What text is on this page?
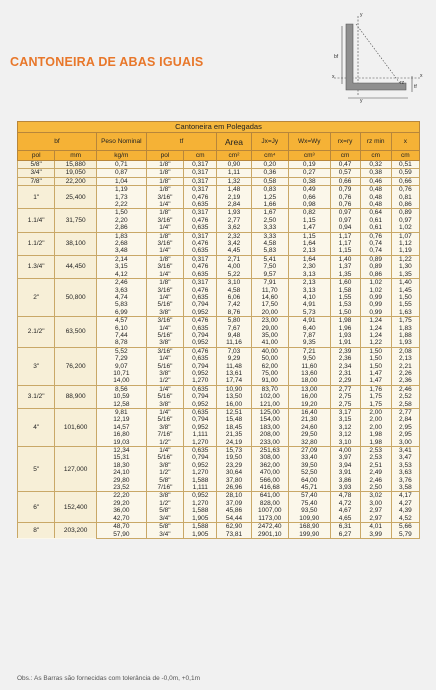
CANTONEIRA DE ABAS IGUAIS
y
x
bf
tf
rz
x
y
Cantoneira em Polegadas										
bf		Peso Nominal	tf		Area	Jx=Jy	Wx=Wy	rx=ry	rz min	x
pol	mm	kg/m	pol	cm	cm²	cm⁴	cm³	cm	cm	cm
5/8"	15,880	0,71	1/8"	0,317	0,90	0,20	0,19	0,47	0,32	0,51
3/4"	19,050	0,87	1/8"	0,317	1,11	0,36	0,27	0,57	0,38	0,59
7/8"	22,200	1,04	1/8"	0,317	1,32	0,58	0,38	0,66	0,46	0,66
1"	25,400	1,19	1/8"	0,317	1,48	0,83	0,49	0,79	0,48	0,76
		1,73	3/16"	0,476	2,19	1,25	0,66	0,76	0,48	0,81
		2,22	1/4"	0,635	2,84	1,66	0,98	0,76	0,48	0,86
1.1/4"	31,750	1,50	1/8"	0,317	1,93	1,67	0,82	0,97	0,64	0,89
		2,20	3/16"	0,476	2,77	2,50	1,15	0,97	0,61	0,97
		2,86	1/4"	0,635	3,62	3,33	1,47	0,94	0,61	1,02
1.1/2"	38,100	1,83	1/8"	0,317	2,32	3,33	1,15	1,17	0,76	1,07
		2,68	3/16"	0,476	3,42	4,58	1,64	1,17	0,74	1,12
		3,48	1/4"	0,635	4,45	5,83	2,13	1,15	0,74	1,19
1.3/4"	44,450	2,14	1/8"	0,317	2,71	5,41	1,64	1,40	0,89	1,22
		3,15	3/16"	0,476	4,00	7,50	2,30	1,37	0,89	1,30
		4,12	1/4"	0,635	5,22	9,57	3,13	1,35	0,86	1,35
2"	50,800	2,46	1/8"	0,317	3,10	7,91	2,13	1,60	1,02	1,40
		3,63	3/16"	0,476	4,58	11,70	3,13	1,58	1,02	1,45
		4,74	1/4"	0,635	6,06	14,60	4,10	1,55	0,99	1,50
		5,83	5/16"	0,794	7,42	17,50	4,91	1,53	0,99	1,55
		6,99	3/8"	0,952	8,76	20,00	5,73	1,50	0,99	1,63
2.1/2"	63,500	4,57	3/16"	0,476	5,80	23,00	4,91	1,98	1,24	1,75
		6,10	1/4"	0,635	7,67	29,00	6,40	1,96	1,24	1,83
		7,44	5/16"	0,794	9,48	35,00	7,87	1,93	1,24	1,88
		8,78	3/8"	0,952	11,16	41,00	9,35	1,91	1,22	1,93
3"	76,200	5,52	3/16"	0,476	7,03	40,00	7,21	2,39	1,50	2,08
		7,29	1/4"	0,635	9,29	50,00	9,50	2,36	1,50	2,13
		9,07	5/16"	0,794	11,48	62,00	11,60	2,34	1,50	2,21
		10,71	3/8"	0,952	13,61	75,00	13,60	2,31	1,47	2,26
		14,00	1/2"	1,270	17,74	91,00	18,00	2,29	1,47	2,36
3.1/2"	88,900	8,56	1/4"	0,635	10,90	83,70	13,00	2,77	1,76	2,46
		10,59	5/16"	0,794	13,50	102,00	16,00	2,75	1,75	2,52
		12,58	3/8"	0,952	16,00	121,00	19,20	2,75	1,75	2,58
4"	101,600	9,81	1/4"	0,635	12,51	125,00	16,40	3,17	2,00	2,77
		12,19	5/16"	0,794	15,48	154,00	21,30	3,15	2,00	2,84
		14,57	3/8"	0,952	18,45	183,00	24,60	3,12	2,00	2,95
		16,80	7/16"	1,111	21,35	208,00	29,50	3,12	1,98	2,95
		19,03	1/2"	1,270	24,19	233,00	32,80	3,10	1,98	3,00
5"	127,000	12,34	1/4"	0,635	15,73	251,63	27,09	4,00	2,53	3,41
		15,31	5/16"	0,794	19,50	308,00	33,40	3,97	2,53	3,47
		18,30	3/8"	0,952	23,29	362,00	39,50	3,94	2,51	3,53
		24,10	1/2"	1,270	30,64	470,00	52,50	3,91	2,49	3,63
		29,80	5/8"	1,588	37,80	566,00	64,00	3,86	2,46	3,76
		23,52	7/16"	1,111	26,96	416,68	45,71	3,93	2,50	3,58
6"	152,400	22,20	3/8"	0,952	28,10	641,00	57,40	4,78	3,02	4,17
		29,20	1/2"	1,270	37,09	828,00	75,40	4,72	3,00	4,27
		36,00	5/8"	1,588	45,86	1007,00	93,50	4,67	2,97	4,39
		42,70	3/4"	1,905	54,44	1173,00	109,90	4,65	2,97	4,52
8"	203,200	48,70	5/8"	1,588	62,90	2472,40	168,90	6,31	4,01	5,66
		57,90	3/4"	1,905	73,81	2901,10	199,90	6,27	3,99	5,79
Obs.: As Barras são fornecidas com tolerância de -0,0m, +0,1m
